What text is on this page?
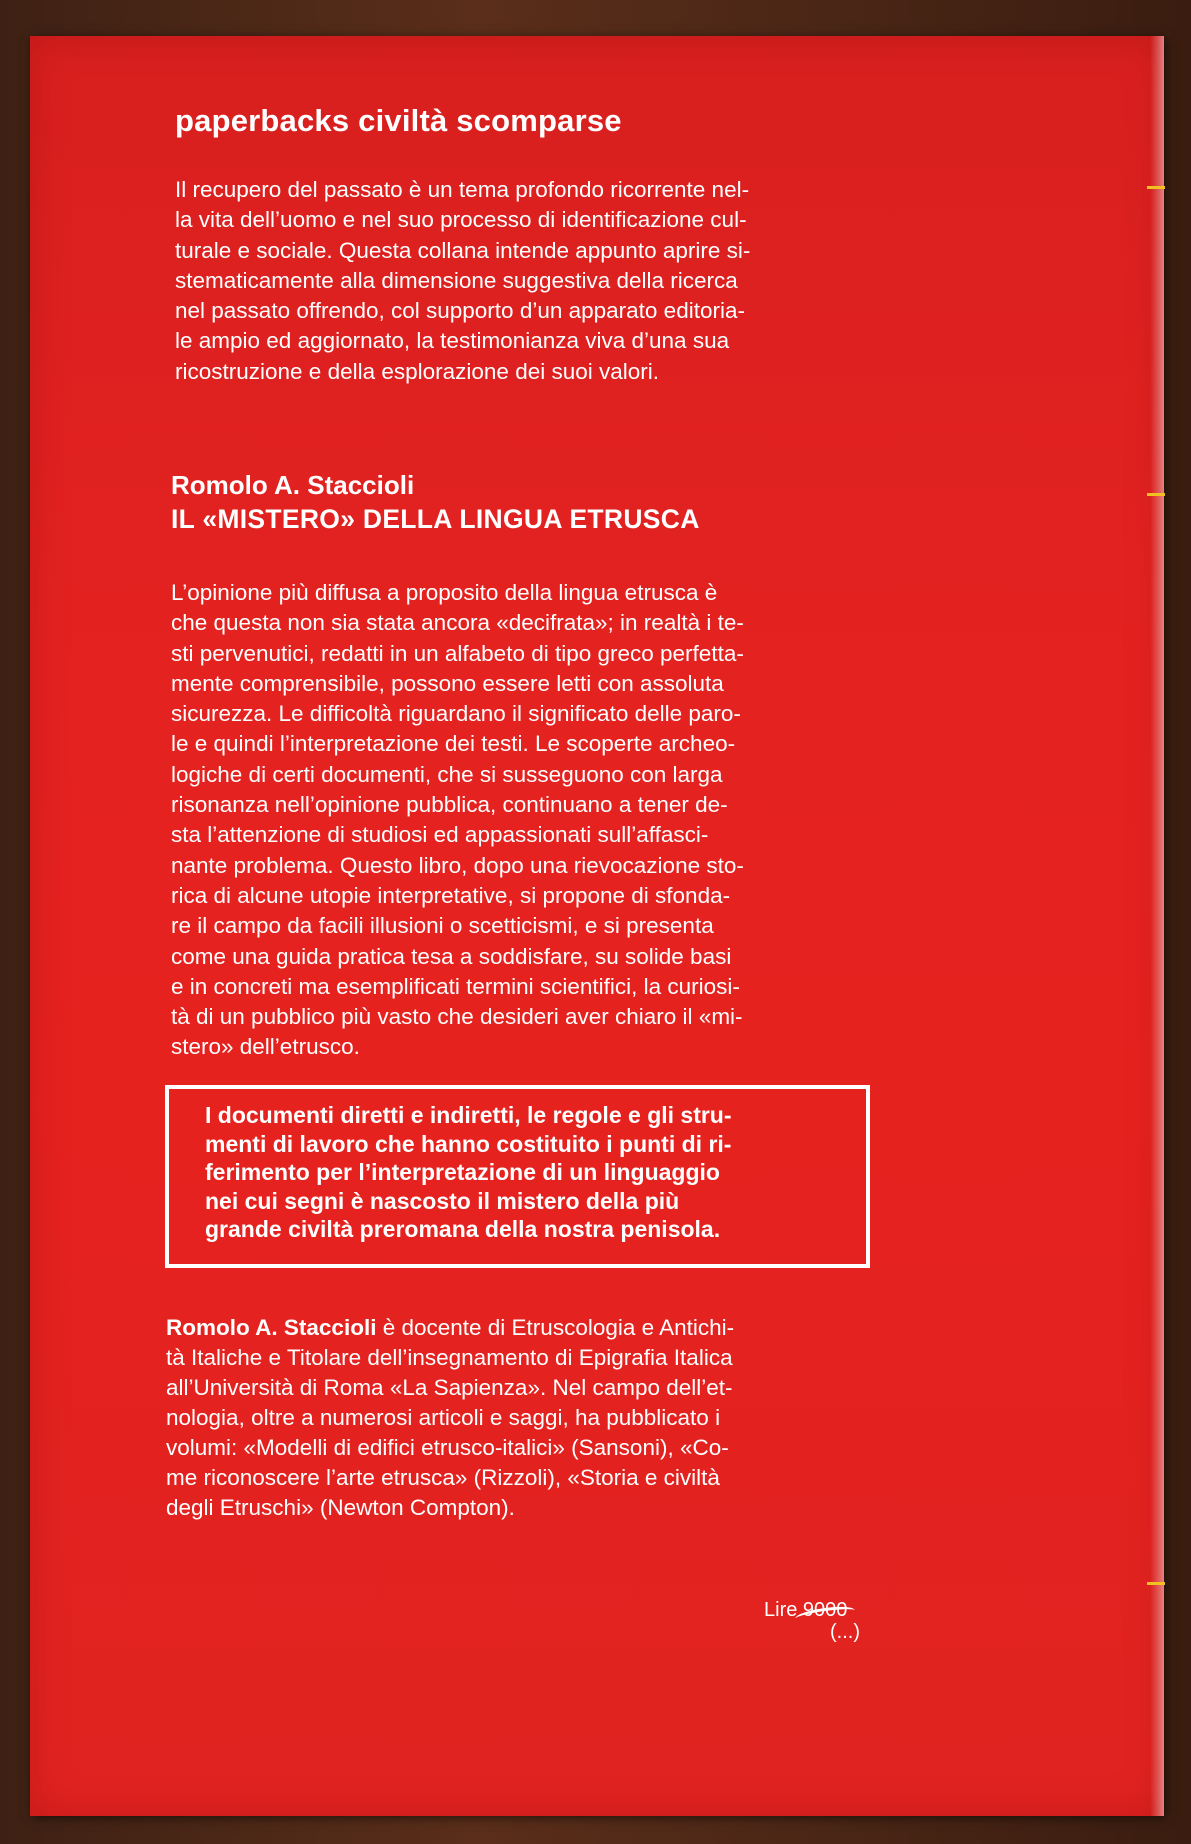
paperbacks civiltà scomparse
Il recupero del passato è un tema profondo ricorrente nel-
la vita dell’uomo e nel suo processo di identificazione cul-
turale e sociale. Questa collana intende appunto aprire si-
stematicamente alla dimensione suggestiva della ricerca
nel passato offrendo, col supporto d’un apparato editoria-
le ampio ed aggiornato, la testimonianza viva d’una sua
ricostruzione e della esplorazione dei suoi valori.
Romolo A. Staccioli
IL «MISTERO» DELLA LINGUA ETRUSCA
L’opinione più diffusa a proposito della lingua etrusca è
che questa non sia stata ancora «decifrata»; in realtà i te-
sti pervenutici, redatti in un alfabeto di tipo greco perfetta-
mente comprensibile, possono essere letti con assoluta
sicurezza. Le difficoltà riguardano il significato delle paro-
le e quindi l’interpretazione dei testi. Le scoperte archeo-
logiche di certi documenti, che si susseguono con larga
risonanza nell’opinione pubblica, continuano a tener de-
sta l’attenzione di studiosi ed appassionati sull’affasci-
nante problema. Questo libro, dopo una rievocazione sto-
rica di alcune utopie interpretative, si propone di sfonda-
re il campo da facili illusioni o scetticismi, e si presenta
come una guida pratica tesa a soddisfare, su solide basi
e in concreti ma esemplificati termini scientifici, la curiosi-
tà di un pubblico più vasto che desideri aver chiaro il «mi-
stero» dell’etrusco.
I documenti diretti e indiretti, le regole e gli stru-
menti di lavoro che hanno costituito i punti di ri-
ferimento per l’interpretazione di un linguaggio
nei cui segni è nascosto il mistero della più
grande civiltà preromana della nostra penisola.
Romolo A. Staccioli è docente di Etruscologia e Antichi-
tà Italiche e Titolare dell’insegnamento di Epigrafia Italica
all’Università di Roma «La Sapienza». Nel campo dell’et-
nologia, oltre a numerosi articoli e saggi, ha pubblicato i
volumi: «Modelli di edifici etrusco-italici» (Sansoni), «Co-
me riconoscere l’arte etrusca» (Rizzoli), «Storia e civiltà
degli Etruschi» (Newton Compton).
Lire 9000
(...)
